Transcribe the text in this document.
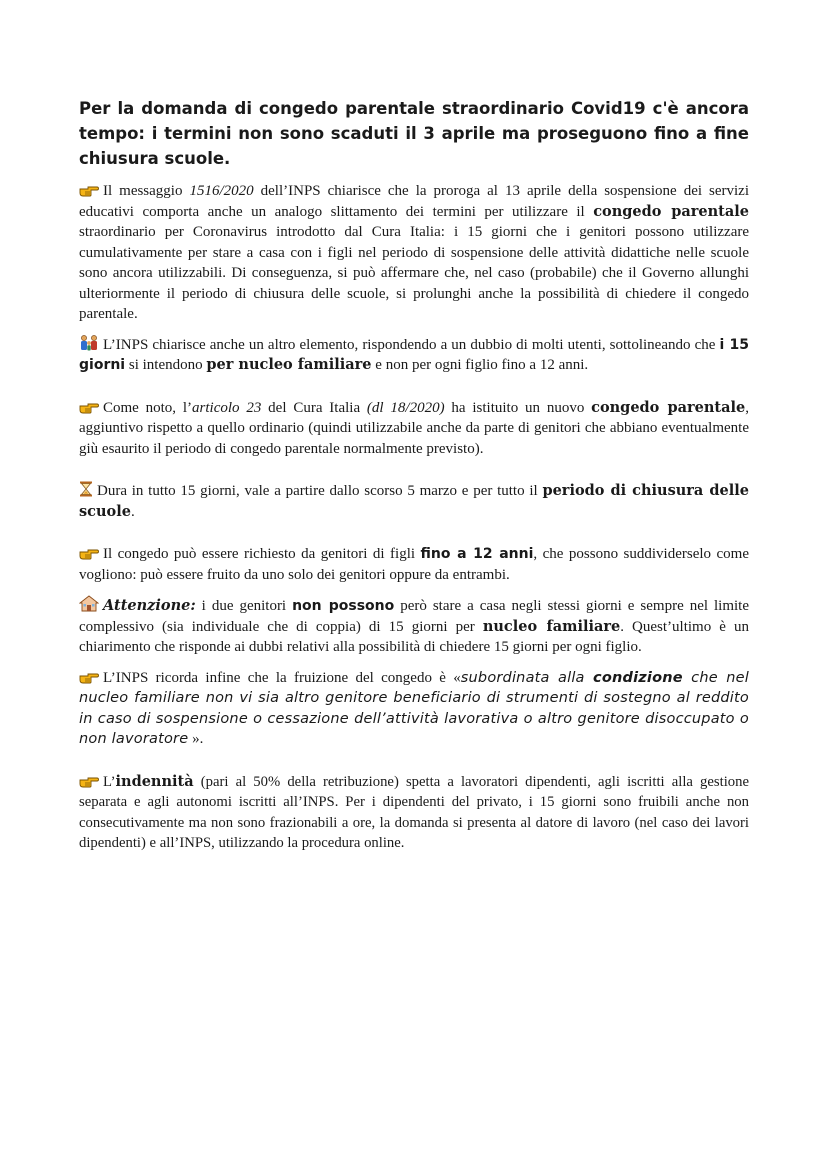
Per la domanda di congedo parentale straordinario Covid19 c'è ancora tempo: i termini non sono scaduti il 3 aprile ma proseguono fino a fine chiusura scuole.

Il messaggio 1516/2020 dell’INPS chiarisce che la proroga al 13 aprile della sospensione dei servizi educativi comporta anche un analogo slittamento dei termini per utilizzare il congedo parentale straordinario per Coronavirus introdotto dal Cura Italia: i 15 giorni che i genitori possono utilizzare cumulativamente per stare a casa con i figli nel periodo di sospensione delle attività didattiche nelle scuole sono ancora utilizzabili. Di conseguenza, si può affermare che, nel caso (probabile) che il Governo allunghi ulteriormente il periodo di chiusura delle scuole, si prolunghi anche la possibilità di chiedere il congedo parentale.

L’INPS chiarisce anche un altro elemento, rispondendo a un dubbio di molti utenti, sottolineando che i 15 giorni si intendono per nucleo familiare e non per ogni figlio fino a 12 anni.

Come noto, l’articolo 23 del Cura Italia (dl 18/2020) ha istituito un nuovo congedo parentale, aggiuntivo rispetto a quello ordinario (quindi utilizzabile anche da parte di genitori che abbiano eventualmente giù esaurito il periodo di congedo parentale normalmente previsto).

Dura in tutto 15 giorni, vale a partire dallo scorso 5 marzo e per tutto il periodo di chiusura delle scuole.

Il congedo può essere richiesto da genitori di figli fino a 12 anni, che possono suddividerselo come vogliono: può essere fruito da uno solo dei genitori oppure da entrambi.

Attenzione: i due genitori non possono però stare a casa negli stessi giorni e sempre nel limite complessivo (sia individuale che di coppia) di 15 giorni per nucleo familiare. Quest’ultimo è un chiarimento che risponde ai dubbi relativi alla possibilità di chiedere 15 giorni per ogni figlio.

L’INPS ricorda infine che la fruizione del congedo è «subordinata alla condizione che nel nucleo familiare non vi sia altro genitore beneficiario di strumenti di sostegno al reddito in caso di sospensione o cessazione dell’attività lavorativa o altro genitore disoccupato o non lavoratore ».

L’indennità (pari al 50% della retribuzione) spetta a lavoratori dipendenti, agli iscritti alla gestione separata e agli autonomi iscritti all’INPS. Per i dipendenti del privato, i 15 giorni sono fruibili anche non consecutivamente ma non sono frazionabili a ore, la domanda si presenta al datore di lavoro (nel caso dei lavori dipendenti) e all’INPS, utilizzando la procedura online.
